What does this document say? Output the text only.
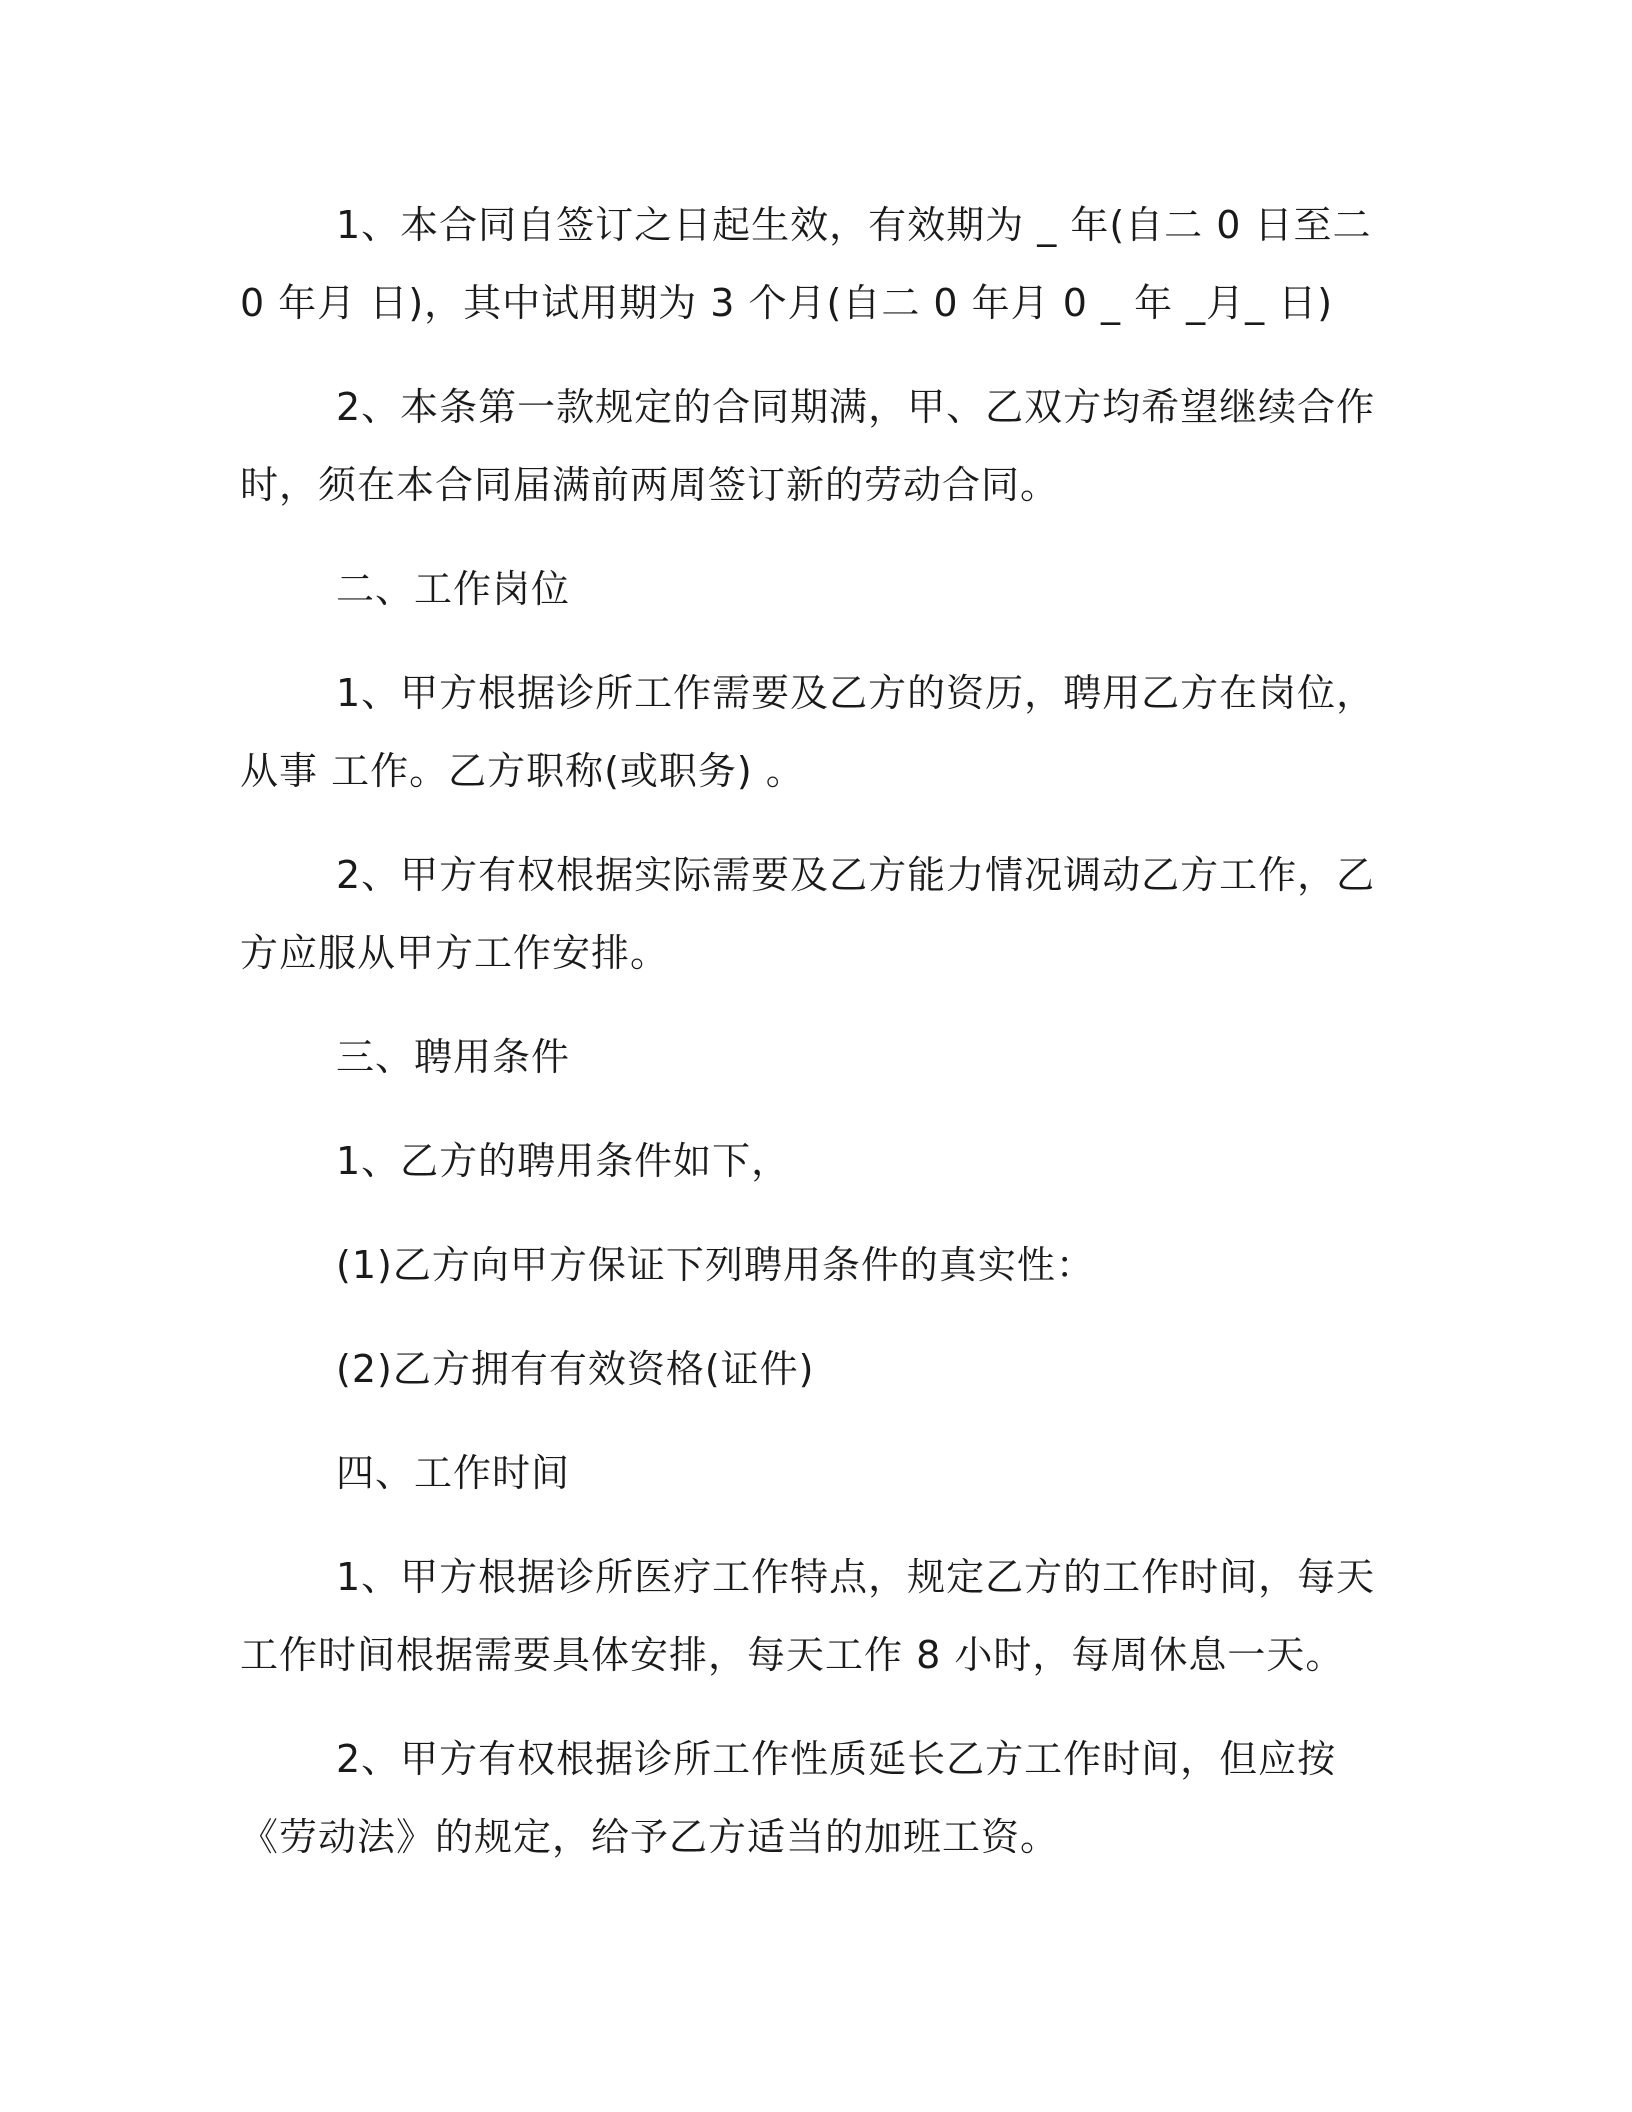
1、本合同自签订之日起生效，有效期为 _ 年(自二 0 日至二 0 年月 日)，其中试用期为 3 个月(自二 0 年月 0 _ 年 _月_ 日)

2、本条第一款规定的合同期满，甲、乙双方均希望继续合作时，须在本合同届满前两周签订新的劳动合同。

二、工作岗位

1、甲方根据诊所工作需要及乙方的资历，聘用乙方在岗位，从事 工作。乙方职称(或职务) 。

2、甲方有权根据实际需要及乙方能力情况调动乙方工作，乙方应服从甲方工作安排。

三、聘用条件

1、乙方的聘用条件如下，

(1)乙方向甲方保证下列聘用条件的真实性：

(2)乙方拥有有效资格(证件)

四、工作时间

1、甲方根据诊所医疗工作特点，规定乙方的工作时间，每天工作时间根据需要具体安排，每天工作 8 小时，每周休息一天。

2、甲方有权根据诊所工作性质延长乙方工作时间，但应按《劳动法》的规定，给予乙方适当的加班工资。
